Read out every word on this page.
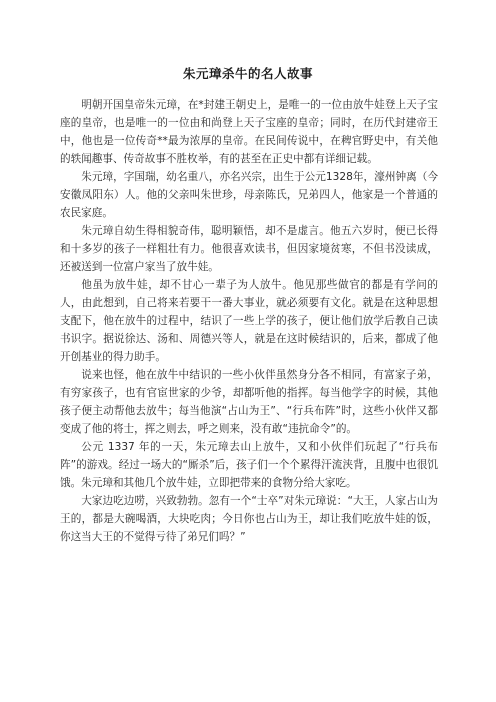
朱元璋杀牛的名人故事

明朝开国皇帝朱元璋，在*封建王朝史上，是唯一的一位由放牛娃登上天子宝座的皇帝，也是唯一的一位由和尚登上天子宝座的皇帝；同时，在历代封建帝王中，他也是一位传奇**最为浓厚的皇帝。在民间传说中，在稗官野史中，有关他的轶闻趣事、传奇故事不胜枚举，有的甚至在正史中都有详细记载。

朱元璋，字国瑞，幼名重八，亦名兴宗，出生于公元1328年，濠州钟离（今安徽凤阳东）人。他的父亲叫朱世珍，母亲陈氏，兄弟四人，他家是一个普通的农民家庭。

朱元璋自幼生得相貌奇伟，聪明颖悟，却不是虚言。他五六岁时，便已长得和十多岁的孩子一样粗壮有力。他很喜欢读书，但因家境贫寒，不但书没读成，还被送到一位富户家当了放牛娃。

他虽为放牛娃，却不甘心一辈子为人放牛。他见那些做官的都是有学问的人，由此想到，自己将来若要干一番大事业，就必须要有文化。就是在这种思想支配下，他在放牛的过程中，结识了一些上学的孩子，便让他们放学后教自己读书识字。据说徐达、汤和、周德兴等人，就是在这时候结识的，后来，都成了他开创基业的得力助手。

说来也怪，他在放牛中结识的一些小伙伴虽然身分各不相同，有富家子弟，有穷家孩子，也有官宦世家的少爷，却都听他的指挥。每当他学字的时候，其他孩子便主动帮他去放牛；每当他演“占山为王”、“行兵布阵”时，这些小伙伴又都变成了他的将士，挥之则去，呼之则来，没有敢“违抗命令”的。

公元 1337 年的一天，朱元璋去山上放牛，又和小伙伴们玩起了“行兵布阵”的游戏。经过一场大的“厮杀”后，孩子们一个个累得汗流浃背，且腹中也很饥饿。朱元璋和其他几个放牛娃，立即把带来的食物分给大家吃。

大家边吃边唠，兴致勃勃。忽有一个“士卒”对朱元璋说：“大王，人家占山为王的，都是大碗喝酒，大块吃肉；今日你也占山为王，却让我们吃放牛娃的饭，你这当大王的不觉得亏待了弟兄们吗？”
